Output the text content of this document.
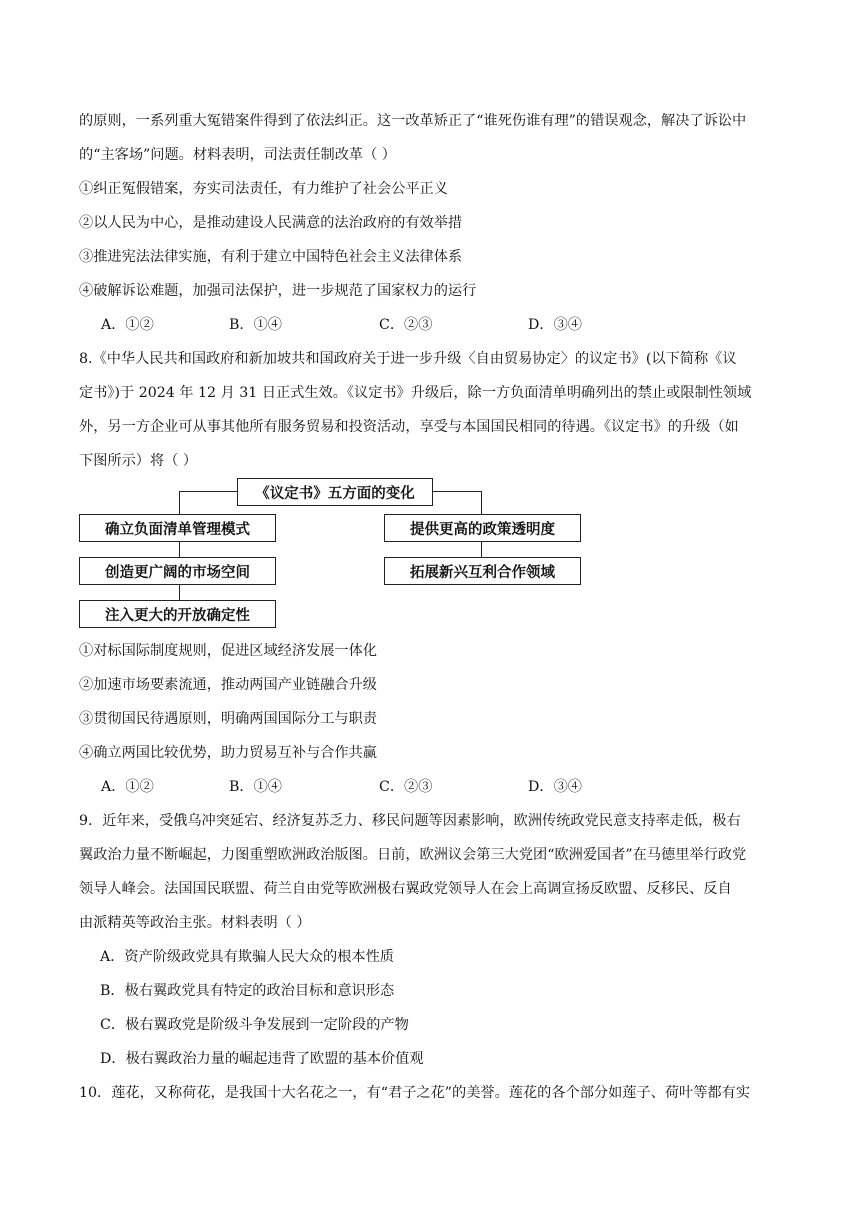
的原则，一系列重大冤错案件得到了依法纠正。这一改革矫正了“谁死伤谁有理”的错误观念，解决了诉讼中
的“主客场”问题。材料表明，司法责任制改革（ ）
①纠正冤假错案，夯实司法责任，有力维护了社会公平正义
②以人民为中心，是推动建设人民满意的法治政府的有效举措
③推进宪法法律实施，有利于建立中国特色社会主义法律体系
④破解诉讼难题，加强司法保护，进一步规范了国家权力的运行
A．①②	B．①④	C．②③	D．③④
8.《中华人民共和国政府和新加坡共和国政府关于进一步升级〈自由贸易协定〉的议定书》(以下简称《议
定书》)于 2024 年 12 月 31 日正式生效。《议定书》升级后，除一方负面清单明确列出的禁止或限制性领域
外，另一方企业可从事其他所有服务贸易和投资活动，享受与本国国民相同的待遇。《议定书》的升级（如
下图所示）将（ ）
《议定书》五方面的变化
确立负面清单管理模式
创造更广阔的市场空间
注入更大的开放确定性
提供更高的政策透明度
拓展新兴互利合作领域
①对标国际制度规则，促进区域经济发展一体化
②加速市场要素流通，推动两国产业链融合升级
③贯彻国民待遇原则，明确两国国际分工与职责
④确立两国比较优势，助力贸易互补与合作共赢
A．①②	B．①④	C．②③	D．③④
9．近年来，受俄乌冲突延宕、经济复苏乏力、移民问题等因素影响，欧洲传统政党民意支持率走低，极右
翼政治力量不断崛起，力图重塑欧洲政治版图。日前，欧洲议会第三大党团“欧洲爱国者”在马德里举行政党
领导人峰会。法国国民联盟、荷兰自由党等欧洲极右翼政党领导人在会上高调宣扬反欧盟、反移民、反自
由派精英等政治主张。材料表明（ ）
A．资产阶级政党具有欺骗人民大众的根本性质
B．极右翼政党具有特定的政治目标和意识形态
C．极右翼政党是阶级斗争发展到一定阶段的产物
D．极右翼政治力量的崛起违背了欧盟的基本价值观
10．莲花，又称荷花，是我国十大名花之一，有“君子之花”的美誉。莲花的各个部分如莲子、荷叶等都有实
